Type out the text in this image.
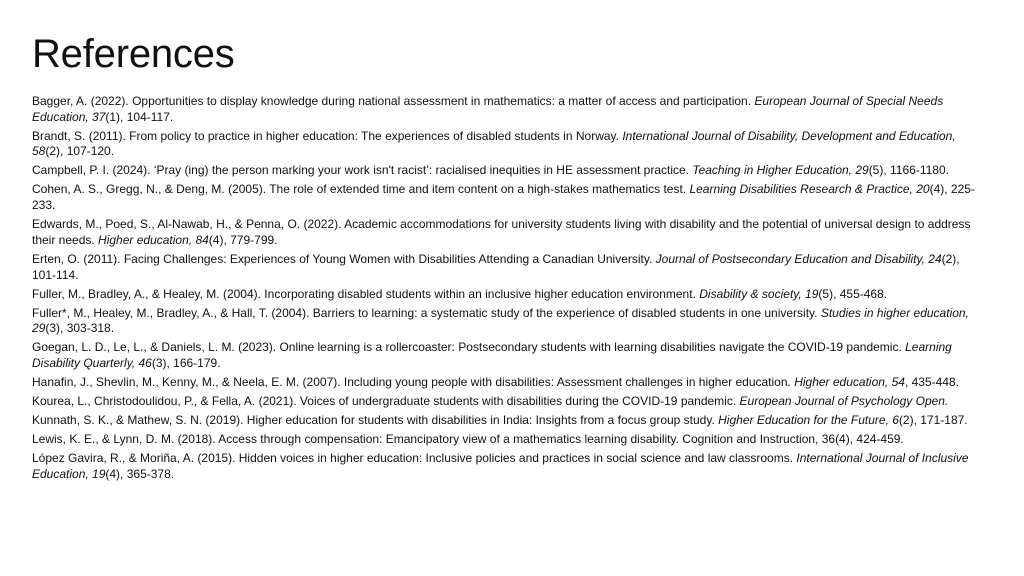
References
Bagger, A. (2022). Opportunities to display knowledge during national assessment in mathematics: a matter of access and participation. European Journal of Special Needs Education, 37(1), 104-117.
Brandt, S. (2011). From policy to practice in higher education: The experiences of disabled students in Norway. International Journal of Disability, Development and Education, 58(2), 107-120.
Campbell, P. I. (2024). ‘Pray (ing) the person marking your work isn't racist’: racialised inequities in HE assessment practice. Teaching in Higher Education, 29(5), 1166-1180.
Cohen, A. S., Gregg, N., & Deng, M. (2005). The role of extended time and item content on a high-stakes mathematics test. Learning Disabilities Research & Practice, 20(4), 225-233.
Edwards, M., Poed, S., Al-Nawab, H., & Penna, O. (2022). Academic accommodations for university students living with disability and the potential of universal design to address their needs. Higher education, 84(4), 779-799.
Erten, O. (2011). Facing Challenges: Experiences of Young Women with Disabilities Attending a Canadian University. Journal of Postsecondary Education and Disability, 24(2), 101-114.
Fuller, M., Bradley, A., & Healey, M. (2004). Incorporating disabled students within an inclusive higher education environment. Disability & society, 19(5), 455-468.
Fuller*, M., Healey, M., Bradley, A., & Hall, T. (2004). Barriers to learning: a systematic study of the experience of disabled students in one university. Studies in higher education, 29(3), 303-318.
Goegan, L. D., Le, L., & Daniels, L. M. (2023). Online learning is a rollercoaster: Postsecondary students with learning disabilities navigate the COVID-19 pandemic. Learning Disability Quarterly, 46(3), 166-179.
Hanafin, J., Shevlin, M., Kenny, M., & Neela, E. M. (2007). Including young people with disabilities: Assessment challenges in higher education. Higher education, 54, 435-448.
Kourea, L., Christodoulidou, P., & Fella, A. (2021). Voices of undergraduate students with disabilities during the COVID-19 pandemic. European Journal of Psychology Open.
Kunnath, S. K., & Mathew, S. N. (2019). Higher education for students with disabilities in India: Insights from a focus group study. Higher Education for the Future, 6(2), 171-187.
Lewis, K. E., & Lynn, D. M. (2018). Access through compensation: Emancipatory view of a mathematics learning disability. Cognition and Instruction, 36(4), 424-459.
López Gavira, R., & Moriña, A. (2015). Hidden voices in higher education: Inclusive policies and practices in social science and law classrooms. International Journal of Inclusive Education, 19(4), 365-378.
